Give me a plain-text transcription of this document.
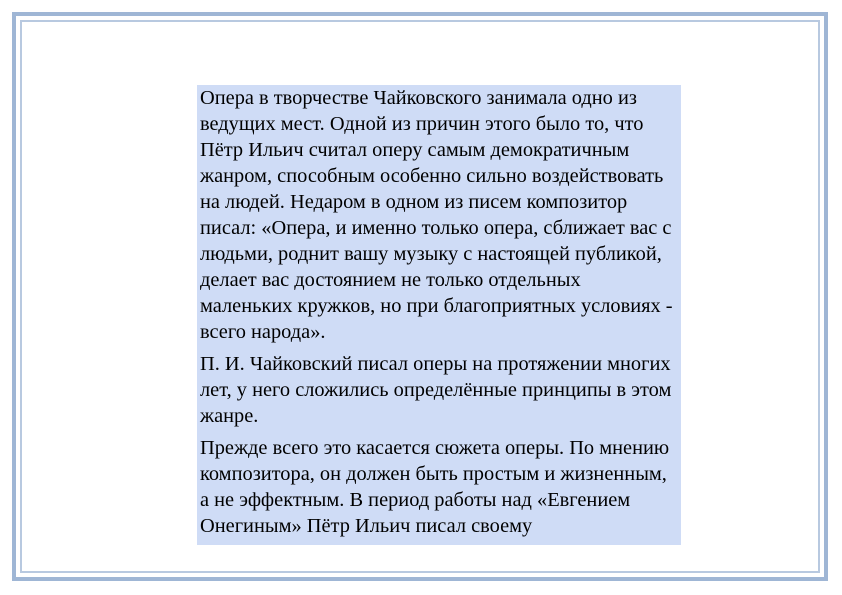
Опера в творчестве Чайковского занимала одно из ведущих мест. Одной из причин этого было то, что Пётр Ильич считал оперу самым демократичным жанром, способным особенно сильно воздействовать на людей. Недаром в одном из писем композитор писал: «Опера, и именно только опера, сближает вас с людьми, роднит вашу музыку с настоящей публикой, делает вас достоянием не только отдельных маленьких кружков, но при благоприятных условиях - всего народа».

П. И. Чайковский писал оперы на протяжении многих лет, у него сложились определённые принципы в этом жанре.

Прежде всего это касается сюжета оперы. По мнению композитора, он должен быть простым и жизненным, а не эффектным. В период работы над «Евгением Онегиным» Пётр Ильич писал своему
